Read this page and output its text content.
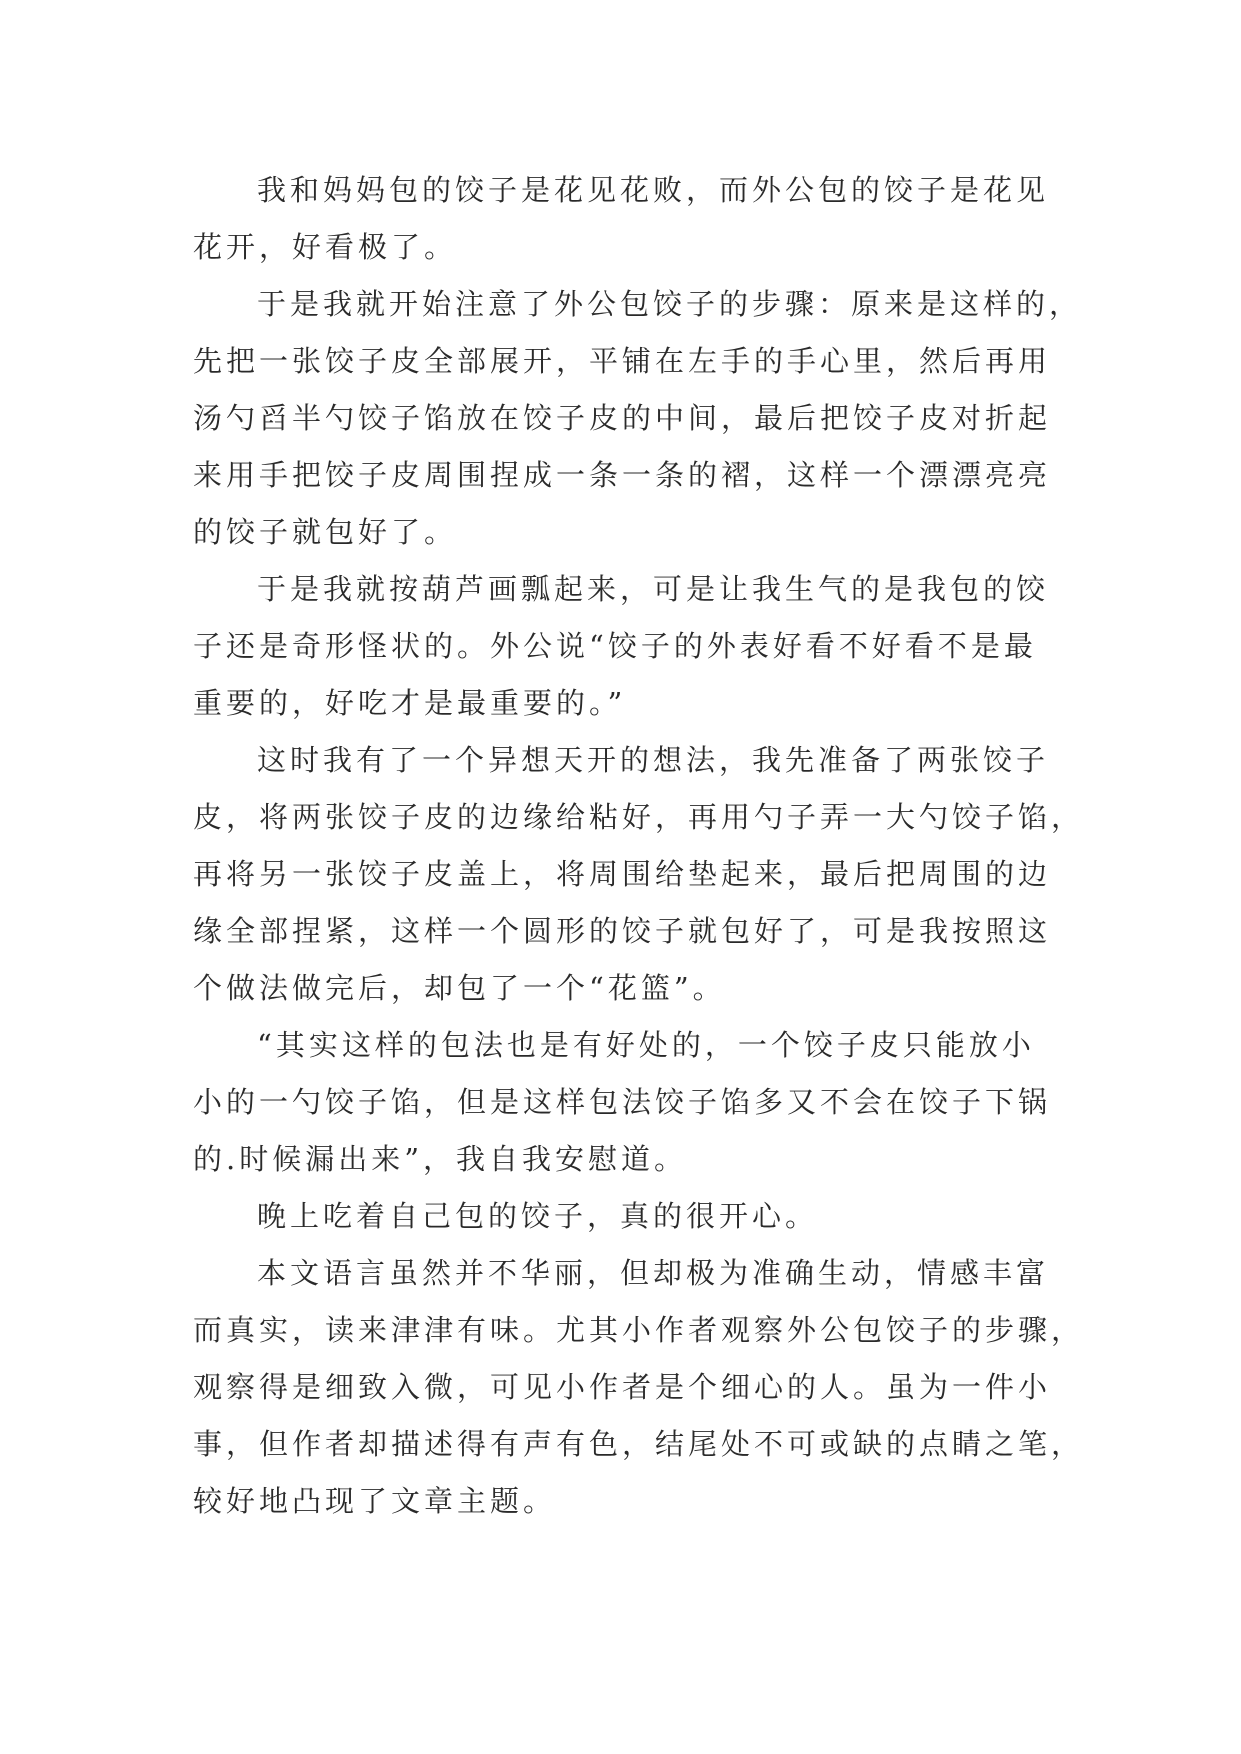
我和妈妈包的饺子是花见花败，而外公包的饺子是花见
花开，好看极了。

于是我就开始注意了外公包饺子的步骤：原来是这样的，
先把一张饺子皮全部展开，平铺在左手的手心里，然后再用
汤勺舀半勺饺子馅放在饺子皮的中间，最后把饺子皮对折起
来用手把饺子皮周围捏成一条一条的褶，这样一个漂漂亮亮
的饺子就包好了。

于是我就按葫芦画瓢起来，可是让我生气的是我包的饺
子还是奇形怪状的。外公说“饺子的外表好看不好看不是最
重要的，好吃才是最重要的。”

这时我有了一个异想天开的想法，我先准备了两张饺子
皮，将两张饺子皮的边缘给粘好，再用勺子弄一大勺饺子馅，
再将另一张饺子皮盖上，将周围给垫起来，最后把周围的边
缘全部捏紧，这样一个圆形的饺子就包好了，可是我按照这
个做法做完后，却包了一个“花篮”。

“其实这样的包法也是有好处的，一个饺子皮只能放小
小的一勺饺子馅，但是这样包法饺子馅多又不会在饺子下锅
的.时候漏出来”，我自我安慰道。

晚上吃着自己包的饺子，真的很开心。

本文语言虽然并不华丽，但却极为准确生动，情感丰富
而真实，读来津津有味。尤其小作者观察外公包饺子的步骤，
观察得是细致入微，可见小作者是个细心的人。虽为一件小
事，但作者却描述得有声有色，结尾处不可或缺的点睛之笔，
较好地凸现了文章主题。
